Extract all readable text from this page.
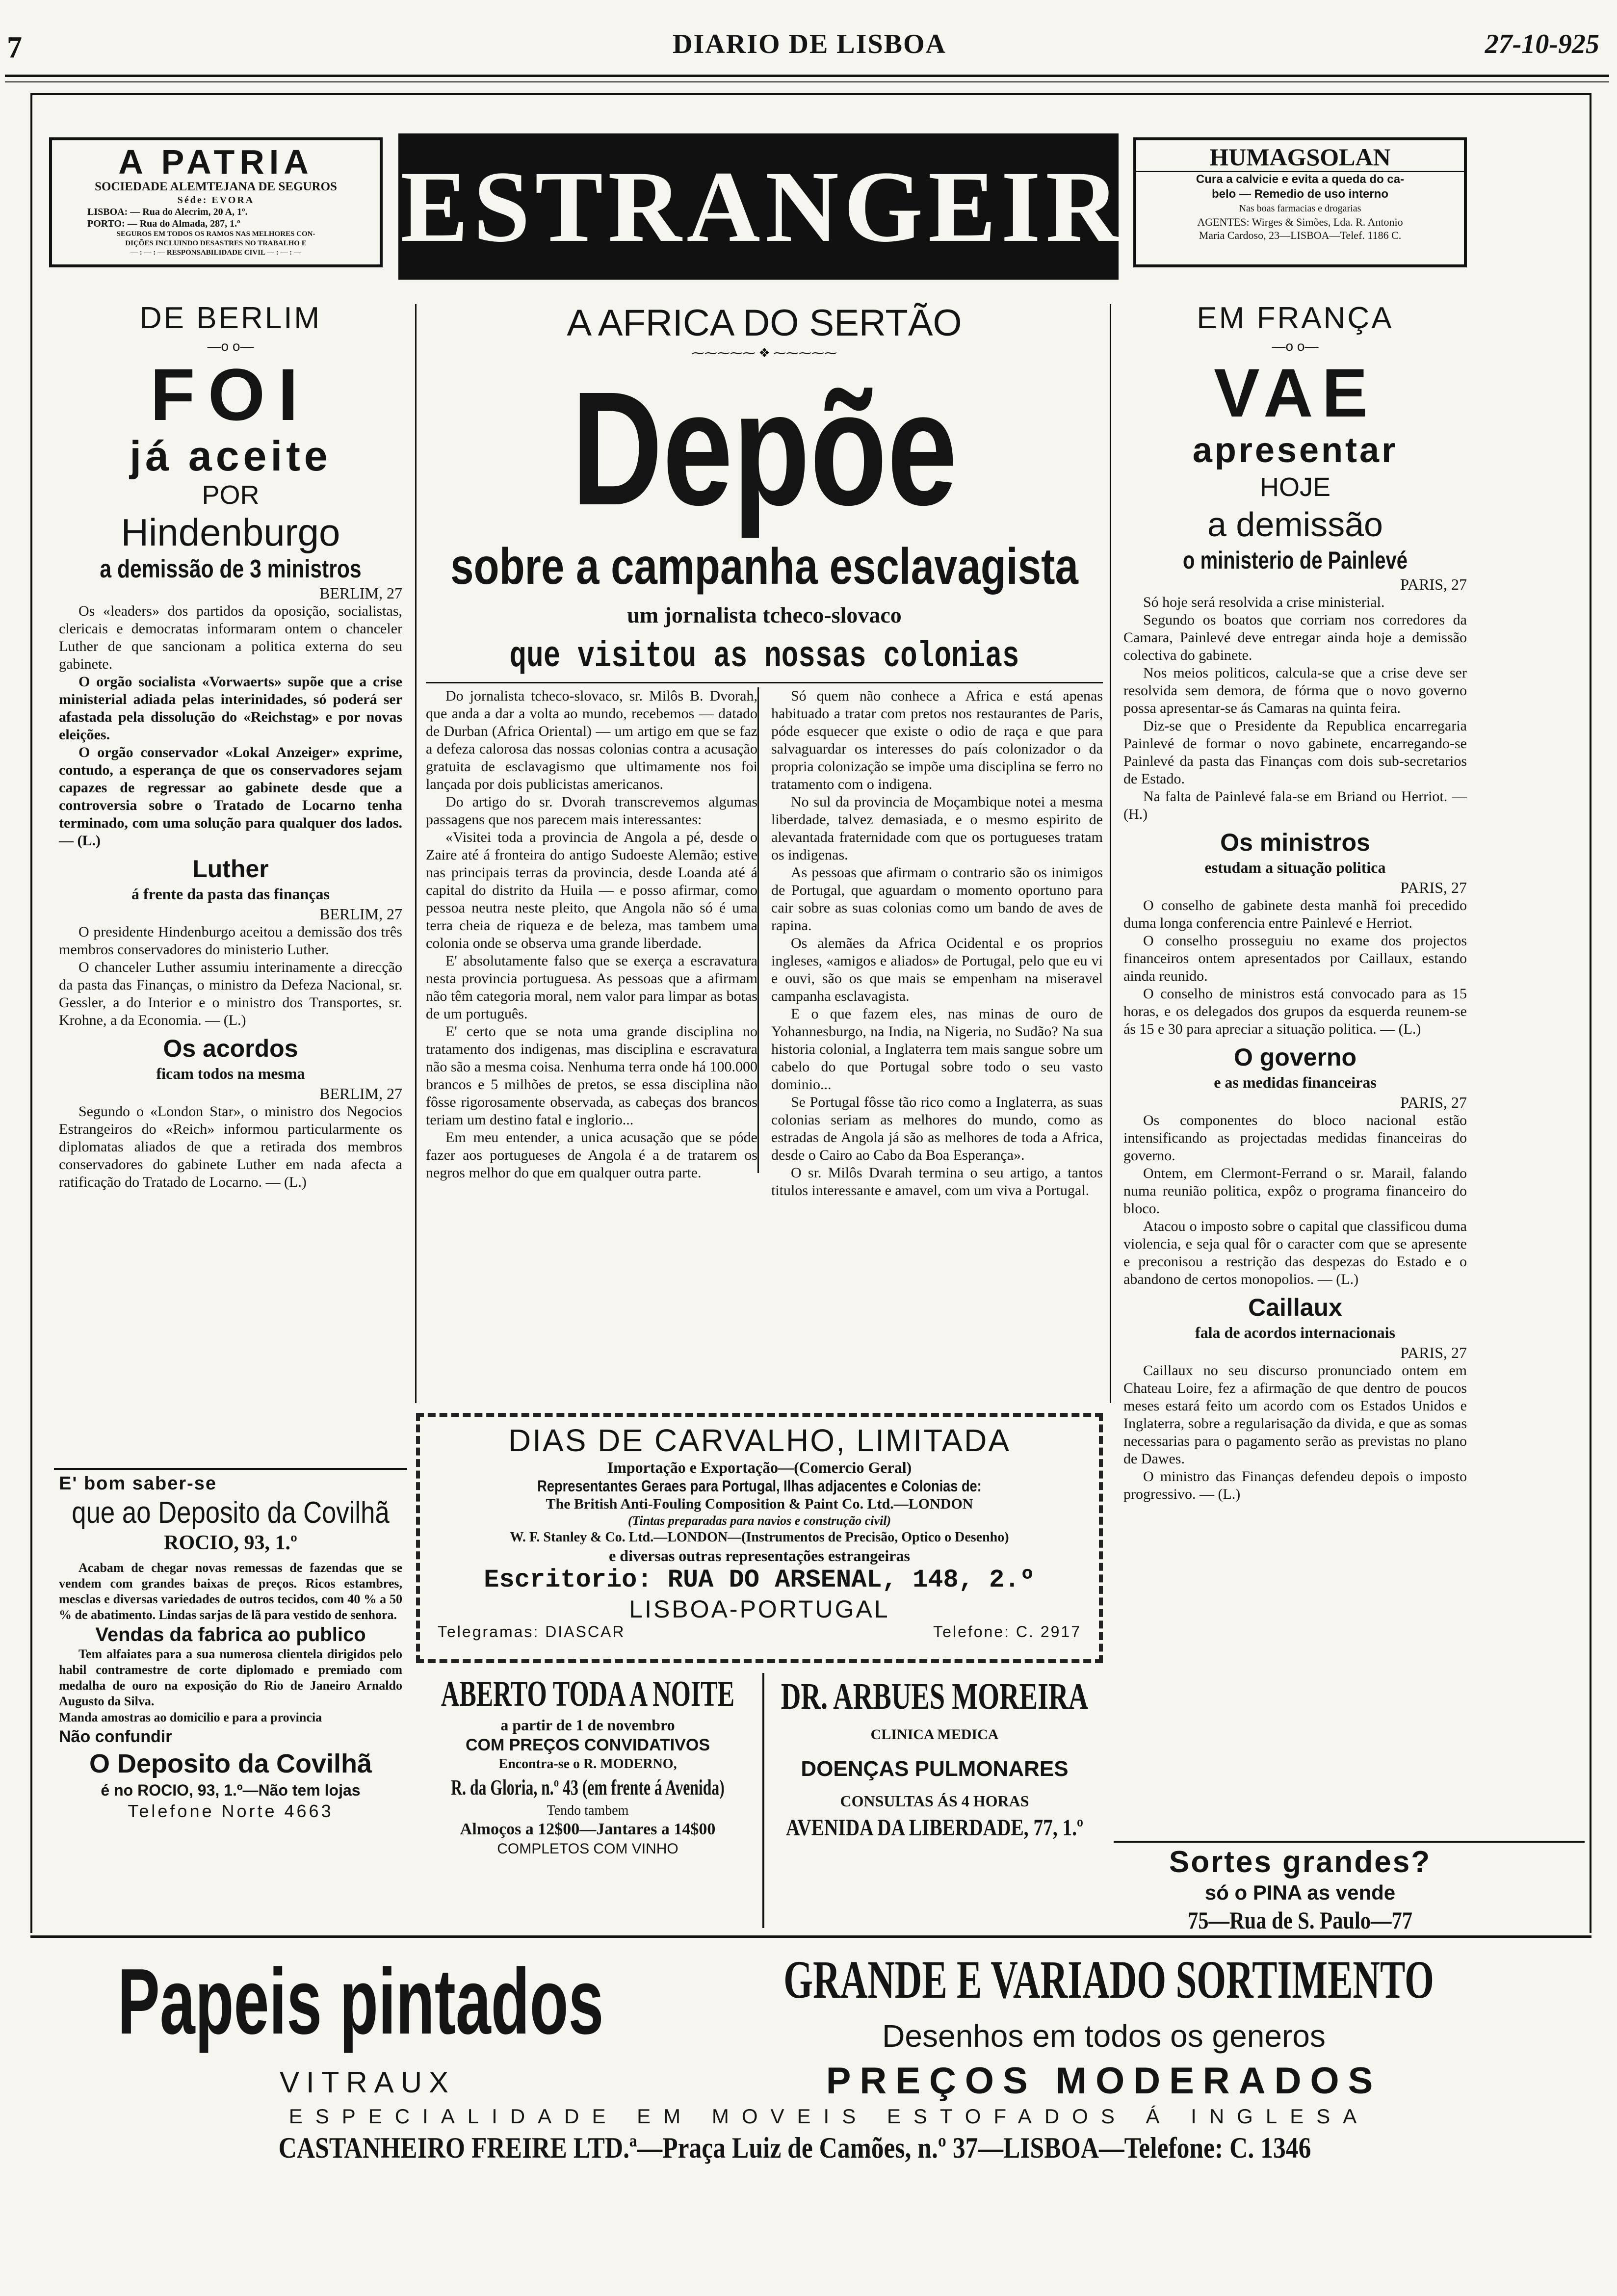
7	DIARIO DE LISBOA	27-10-925
A PATRIA
SOCIEDADE ALEMTEJANA DE SEGUROS
Séde: EVORA
LISBOA: — Rua do Alecrim, 20 A, 1º.
PORTO: — Rua do Almada, 287, 1.º
SEGUROS EM TODOS OS RAMOS NAS MELHORES CON-
DIÇÕES INCLUINDO DESASTRES NO TRABALHO E
— : — : — RESPONSABILIDADE CIVIL — : — : — ESTRANGEIRO HUMAGSOLAN
Cura a calvicie e evita a queda do ca-
belo — Remedio de uso interno
Nas boas farmacias e drogarias
AGENTES: Wirges & Simões, Lda. R. Antonio
Maria Cardoso, 23—LISBOA—Telef. 1186 C.
DE BERLIM
—o o—
FOI
já aceite
POR
Hindenburgo
a demissão de 3 ministros
BERLIM, 27

Os «leaders» dos partidos da oposição, socialistas, clericais e democratas informaram ontem o chanceler Luther de que sancionam a politica externa do seu gabinete.

O orgão socialista «Vorwaerts» supõe que a crise ministerial adiada pelas interinidades, só poderá ser afastada pela dissolução do «Reichstag» e por novas eleições.

O orgão conservador «Lokal Anzeiger» exprime, contudo, a esperança de que os conservadores sejam capazes de regressar ao gabinete desde que a controversia sobre o Tratado de Locarno tenha terminado, com uma solução para qualquer dos lados. — (L.)

Luther
á frente da pasta das finanças
BERLIM, 27

O presidente Hindenburgo aceitou a demissão dos três membros conservadores do ministerio Luther.

O chanceler Luther assumiu interinamente a direcção da pasta das Finanças, o ministro da Defeza Nacional, sr. Gessler, a do Interior e o ministro dos Transportes, sr. Krohne, a da Economia. — (L.)

Os acordos
ficam todos na mesma
BERLIM, 27

Segundo o «London Star», o ministro dos Negocios Estrangeiros do «Reich» informou particularmente os diplomatas aliados de que a retirada dos membros conservadores do gabinete Luther em nada afecta a ratificação do Tratado de Locarno. — (L.)

E' bom saber-se
que ao Deposito da Covilhã
ROCIO, 93, 1.º

Acabam de chegar novas remessas de fazendas que se vendem com grandes baixas de preços. Ricos estambres, mesclas e diversas variedades de outros tecidos, com 40 % a 50 % de abatimento. Lindas sarjas de lã para vestido de senhora.

Vendas da fabrica ao publico

Tem alfaiates para a sua numerosa clientela dirigidos pelo habil contramestre de corte diplomado e premiado com medalha de ouro na exposição do Rio de Janeiro Arnaldo Augusto da Silva.

Manda amostras ao domicilio e para a provincia
Não confundir
O Deposito da Covilhã
é no ROCIO, 93, 1.º—Não tem lojas
Telefone Norte 4663
A AFRICA DO SERTÃO
⁓⁓⁓⁓⁓ ❖ ⁓⁓⁓⁓⁓
Depõe
sobre a campanha esclavagista
um jornalista tcheco-slovaco
que visitou as nossas colonias

Do jornalista tcheco-slovaco, sr. Milôs B. Dvorah, que anda a dar a volta ao mundo, recebemos — datado de Durban (Africa Oriental) — um artigo em que se faz a defeza calorosa das nossas colonias contra a acusação gratuita de esclavagismo que ultimamente nos foi lançada por dois publicistas americanos.

Do artigo do sr. Dvorah transcrevemos algumas passagens que nos parecem mais interessantes:

«Visitei toda a provincia de Angola a pé, desde o Zaire até á fronteira do antigo Sudoeste Alemão; estive nas principais terras da provincia, desde Loanda até á capital do distrito da Huila — e posso afirmar, como pessoa neutra neste pleito, que Angola não só é uma terra cheia de riqueza e de beleza, mas tambem uma colonia onde se observa uma grande liberdade.

E' absolutamente falso que se exerça a escravatura nesta provincia portuguesa. As pessoas que a afirmam não têm categoria moral, nem valor para limpar as botas de um português.

E' certo que se nota uma grande disciplina no tratamento dos indigenas, mas disciplina e escravatura não são a mesma coisa. Nenhuma terra onde há 100.000 brancos e 5 milhões de pretos, se essa disciplina não fôsse rigorosamente observada, as cabeças dos brancos teriam um destino fatal e inglorio...

Em meu entender, a unica acusação que se póde fazer aos portugueses de Angola é a de tratarem os negros melhor do que em qualquer outra parte.

Só quem não conhece a Africa e está apenas habituado a tratar com pretos nos restaurantes de Paris, póde esquecer que existe o odio de raça e que para salvaguardar os interesses do país colonizador o da propria colonização se impõe uma disciplina se ferro no tratamento com o indigena.

No sul da provincia de Moçambique notei a mesma liberdade, talvez demasiada, e o mesmo espirito de alevantada fraternidade com que os portugueses tratam os indigenas.

As pessoas que afirmam o contrario são os inimigos de Portugal, que aguardam o momento oportuno para cair sobre as suas colonias como um bando de aves de rapina.

Os alemães da Africa Ocidental e os proprios ingleses, «amigos e aliados» de Portugal, pelo que eu vi e ouvi, são os que mais se empenham na miseravel campanha esclavagista.

E o que fazem eles, nas minas de ouro de Yohannesburgo, na India, na Nigeria, no Sudão? Na sua historia colonial, a Inglaterra tem mais sangue sobre um cabelo do que Portugal sobre todo o seu vasto dominio...

Se Portugal fôsse tão rico como a Inglaterra, as suas colonias seriam as melhores do mundo, como as estradas de Angola já são as melhores de toda a Africa, desde o Cairo ao Cabo da Boa Esperança».

O sr. Milôs Dvarah termina o seu artigo, a tantos titulos interessante e amavel, com um viva a Portugal.

DIAS DE CARVALHO, LIMITADA
Importação e Exportação—(Comercio Geral)
Representantes Geraes para Portugal, Ilhas adjacentes e Colonias de:
The British Anti-Fouling Composition & Paint Co. Ltd.—LONDON
(Tintas preparadas para navios e construção civil)
W. F. Stanley & Co. Ltd.—LONDON—(Instrumentos de Precisão, Optico o Desenho)
e diversas outras representações estrangeiras
Escritorio: RUA DO ARSENAL, 148, 2.º
LISBOA-PORTUGAL
Telegramas: DIASCAR	Telefone: C. 2917
ABERTO TODA A NOITE
a partir de 1 de novembro
COM PREÇOS CONVIDATIVOS
Encontra-se o R. MODERNO,
R. da Gloria, n.º 43 (em frente á Avenida)
Tendo tambem
Almoços a 12$00—Jantares a 14$00
COMPLETOS COM VINHO
DR. ARBUES MOREIRA
CLINICA MEDICA
DOENÇAS PULMONARES
CONSULTAS ÁS 4 HORAS
AVENIDA DA LIBERDADE, 77, 1.º
EM FRANÇA
—o o—
VAE
apresentar
HOJE
a demissão
o ministerio de Painlevé
PARIS, 27

Só hoje será resolvida a crise ministerial.

Segundo os boatos que corriam nos corredores da Camara, Painlevé deve entregar ainda hoje a demissão colectiva do gabinete.

Nos meios politicos, calcula-se que a crise deve ser resolvida sem demora, de fórma que o novo governo possa apresentar-se ás Camaras na quinta feira.

Diz-se que o Presidente da Republica encarregaria Painlevé de formar o novo gabinete, encarregando-se Painlevé da pasta das Finanças com dois sub-secretarios de Estado.

Na falta de Painlevé fala-se em Briand ou Herriot. — (H.)

Os ministros
estudam a situação politica
PARIS, 27

O conselho de gabinete desta manhã foi precedido duma longa conferencia entre Painlevé e Herriot.

O conselho prosseguiu no exame dos projectos financeiros ontem apresentados por Caillaux, estando ainda reunido.

O conselho de ministros está convocado para as 15 horas, e os delegados dos grupos da esquerda reunem-se ás 15 e 30 para apreciar a situação politica. — (L.)

O governo
e as medidas financeiras
PARIS, 27

Os componentes do bloco nacional estão intensificando as projectadas medidas financeiras do governo.

Ontem, em Clermont-Ferrand o sr. Marail, falando numa reunião politica, expôz o programa financeiro do bloco.

Atacou o imposto sobre o capital que classificou duma violencia, e seja qual fôr o caracter com que se apresente e preconisou a restrição das despezas do Estado e o abandono de certos monopolios. — (L.)

Caillaux
fala de acordos internacionais
PARIS, 27

Caillaux no seu discurso pronunciado ontem em Chateau Loire, fez a afirmação de que dentro de poucos meses estará feito um acordo com os Estados Unidos e Inglaterra, sobre a regularisação da divida, e que as somas necessarias para o pagamento serão as previstas no plano de Dawes.

O ministro das Finanças defendeu depois o imposto progressivo. — (L.)

Sortes grandes?
só o PINA as vende
75—Rua de S. Paulo—77
Papeis pintados	GRANDE E VARIADO SORTIMENTO
Desenhos em todos os generos
VITRAUX	PREÇOS MODERADOS
ESPECIALIDADE EM MOVEIS ESTOFADOS Á INGLESA
CASTANHEIRO FREIRE LTD.ª—Praça Luiz de Camões, n.º 37—LISBOA—Telefone: C. 1346
